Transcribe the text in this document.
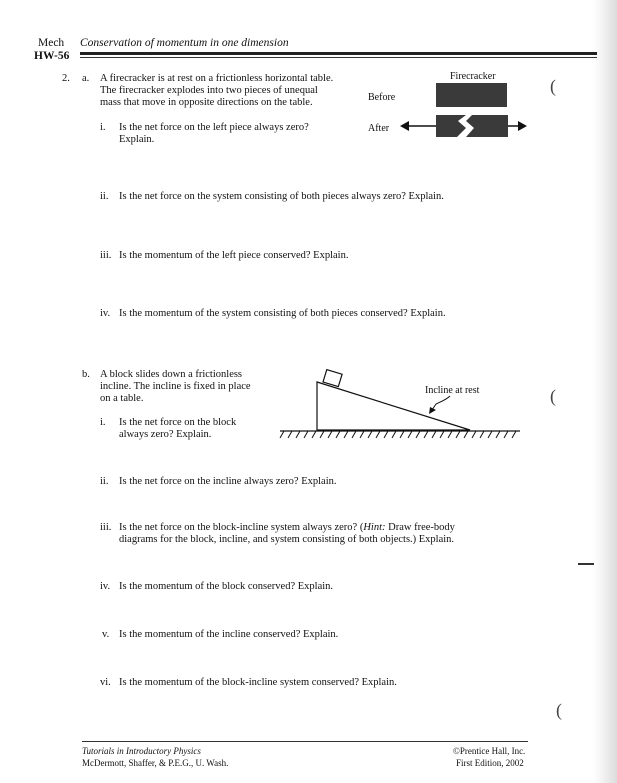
(
(
(
Mech
HW-56
Conservation of momentum in one dimension
2. a. A firecracker is at rest on a frictionless horizontal table.
The firecracker explodes into two pieces of unequal
mass that move in opposite directions on the table.
Firecracker
Before
After
i. Is the net force on the left piece always zero?
Explain.
ii. Is the net force on the system consisting of both pieces always zero? Explain.
iii. Is the momentum of the left piece conserved? Explain.
iv. Is the momentum of the system consisting of both pieces conserved? Explain.
b. A block slides down a frictionless
incline. The incline is fixed in place
on a table.
Incline at rest
i. Is the net force on the block
always zero? Explain.
ii. Is the net force on the incline always zero? Explain.
iii. Is the net force on the block-incline system always zero? (Hint: Draw free-body
diagrams for the block, incline, and system consisting of both objects.) Explain.
iv. Is the momentum of the block conserved? Explain.
v. Is the momentum of the incline conserved? Explain.
vi. Is the momentum of the block-incline system conserved? Explain.
Tutorials in Introductory Physics
McDermott, Shaffer, & P.E.G., U. Wash.
©Prentice Hall, Inc.
First Edition, 2002
